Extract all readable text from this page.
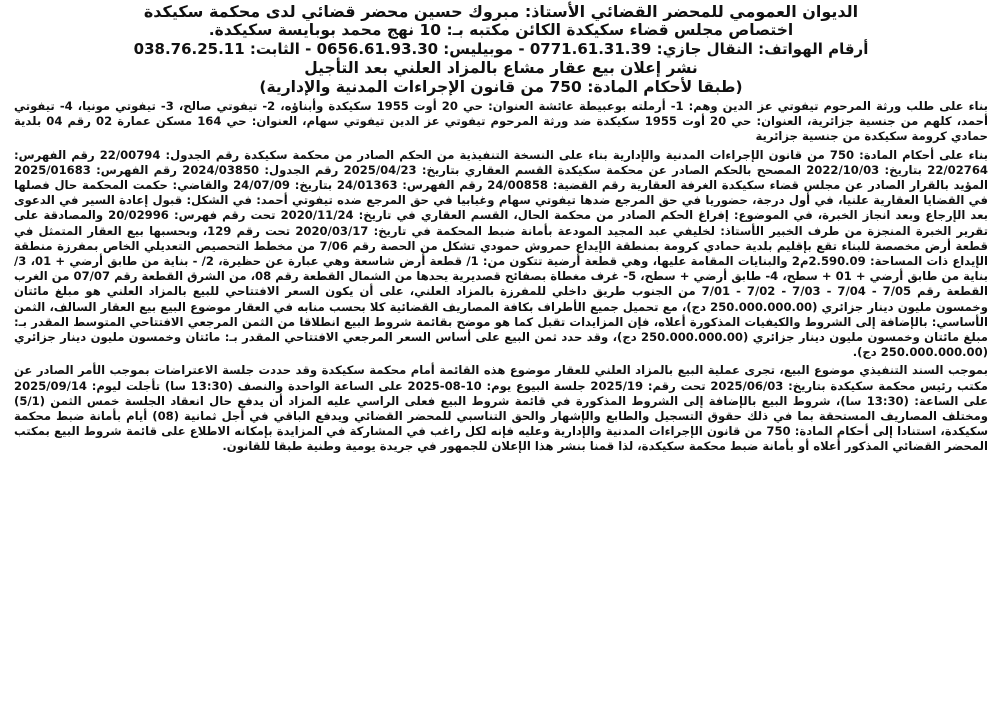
الديوان العمومي للمحضر القضائي الأستاذ: مبروك حسين محضر قضائي لدى محكمة سكيكدة

اختصاص مجلس قضاء سكيكدة الكائن مكتبه بـ: 10 نهج محمد بوبايسة سكيكدة.

أرقام الهواتف: النقال جازي: 0771.61.31.39 - موبيليس: 0656.61.93.30 - الثابت: 038.76.25.11

نشر إعلان بيع عقار مشاع بالمزاد العلني بعد التأجيل

(طبقا لأحكام المادة: 750 من قانون الإجراءات المدنية والإدارية)

بناء على طلب ورثة المرحوم تيفوتي عز الدين وهم: 1- أرملته بوعبيطة عائشة العنوان: حي 20 أوت 1955 سكيكدة وأبناؤه، 2- تيفوتي صالح، 3- تيفوتي مونيا، 4- تيفوتي أحمد، كلهم من جنسية جزائرية، العنوان: حي 20 أوت 1955 سكيكدة ضد ورثة المرحوم تيفوتي عز الدين تيفوتي سهام، العنوان: حي 164 مسكن عمارة 02 رقم 04 بلدية حمادي كرومة سكيكدة من جنسية جزائرية

بناء على أحكام المادة: 750 من قانون الإجراءات المدنية والإدارية بناء على النسخة التنفيذية من الحكم الصادر من محكمة سكيكدة رقم الجدول: 22/00794 رقم الفهرس: 22/02764 بتاريخ: 2022/10/03 المصحح بالحكم الصادر عن محكمة سكيكدة القسم العقاري بتاريخ: 2025/04/23 رقم الجدول: 2024/03850 رقم الفهرس: 2025/01683 المؤيد بالقرار الصادر عن مجلس قضاء سكيكدة الغرفة العقارية رقم القضية: 24/00858 رقم الفهرس: 24/01363 بتاريخ: 24/07/09 والقاضي: حكمت المحكمة حال فصلها في القضايا العقارية علنيا، في أول درجة، حضوريا في حق المرجع ضدها تيفوتي سهام وغيابيا في حق المرجع ضده تيفوتي أحمد: في الشكل: قبول إعادة السير في الدعوى بعد الإرجاع وبعد انجاز الخبرة، في الموضوع: إفراغ الحكم الصادر من محكمة الحال، القسم العقاري في تاريخ: 2020/11/24 تحت رقم فهرس: 20/02996 والمصادقة على تقرير الخبرة المنجزة من طرف الخبير الأستاذ: لخليفي عبد المجيد المودعة بأمانة ضبط المحكمة في تاريخ: 2020/03/17 تحت رقم 129، وبحسبها بيع العقار المتمثل في قطعة أرض مخصصة للبناء تقع بإقليم بلدية حمادي كرومة بمنطقة الإيداع حمروش حمودي تشكل من الحصة رقم 7/06 من مخطط التحصيص التعديلي الخاص بمفرزة منطقة الإيداع ذات المساحة: 2.590.09م2 والبنايات المقامة عليها، وهي قطعة أرضية تتكون من: 1/ قطعة أرض شاسعة وهي عبارة عن حظيرة، 2/ - بناية من طابق أرضي + 01، 3/ بناية من طابق أرضي + 01 + سطح، 4- طابق أرضي + سطح، 5- غرف مغطاة بصفائح قصديرية يحدها من الشمال القطعة رقم 08، من الشرق القطعة رقم 07/07 من الغرب القطعة رقم 7/05 - 7/04 - 7/03 - 7/02 - 7/01 من الجنوب طريق داخلي للمفرزة بالمزاد العلني، على أن يكون السعر الافتتاحي للبيع بالمزاد العلني هو مبلغ مائتان وخمسون مليون دينار جزائري (250.000.000.00 دج)، مع تحميل جميع الأطراف بكافة المصاريف القضائية كلا بحسب منابه في العقار موضوع البيع بيع العقار السالف، الثمن الأساسي: بالإضافة إلى الشروط والكيفيات المذكورة أعلاه، فإن المزايدات تقبل كما هو موضح بقائمة شروط البيع انطلاقا من الثمن المرجعي الافتتاحي المتوسط المقدر بـ: مبلغ مائتان وخمسون مليون دينار جزائري (250.000.000.00 دج)، وقد حدد ثمن البيع على أساس السعر المرجعي الافتتاحي المقدر بـ: مائتان وخمسون مليون دينار جزائري (250.000.000.00 دج).

بموجب السند التنفيذي موضوع البيع، تجرى عملية البيع بالمزاد العلني للعقار موضوع هذه القائمة أمام محكمة سكيكدة وقد حددت جلسة الاعتراضات بموجب الأمر الصادر عن مكتب رئيس محكمة سكيكدة بتاريخ: 2025/06/03 تحت رقم: 2025/19 جلسة البيوع يوم: 10-08-2025 على الساعة الواحدة والنصف (13:30 سا) تأجلت ليوم: 2025/09/14 على الساعة: (13:30 سا)، شروط البيع بالإضافة إلى الشروط المذكورة في قائمة شروط البيع فعلى الراسي عليه المزاد أن يدفع حال انعقاد الجلسة خمس الثمن (5/1) ومختلف المصاريف المستحقة بما في ذلك حقوق التسجيل والطابع والإشهار والحق التناسبي للمحضر القضائي ويدفع الباقي في أجل ثمانية (08) أيام بأمانة ضبط محكمة سكيكدة، استنادا إلى أحكام المادة: 750 من قانون الإجراءات المدنية والإدارية وعليه فإنه لكل راغب في المشاركة في المزايدة بإمكانه الاطلاع على قائمة شروط البيع بمكتب المحضر القضائي المذكور أعلاه أو بأمانة ضبط محكمة سكيكدة، لذا قمنا بنشر هذا الإعلان للجمهور في جريدة يومية وطنية طبقا للقانون.
